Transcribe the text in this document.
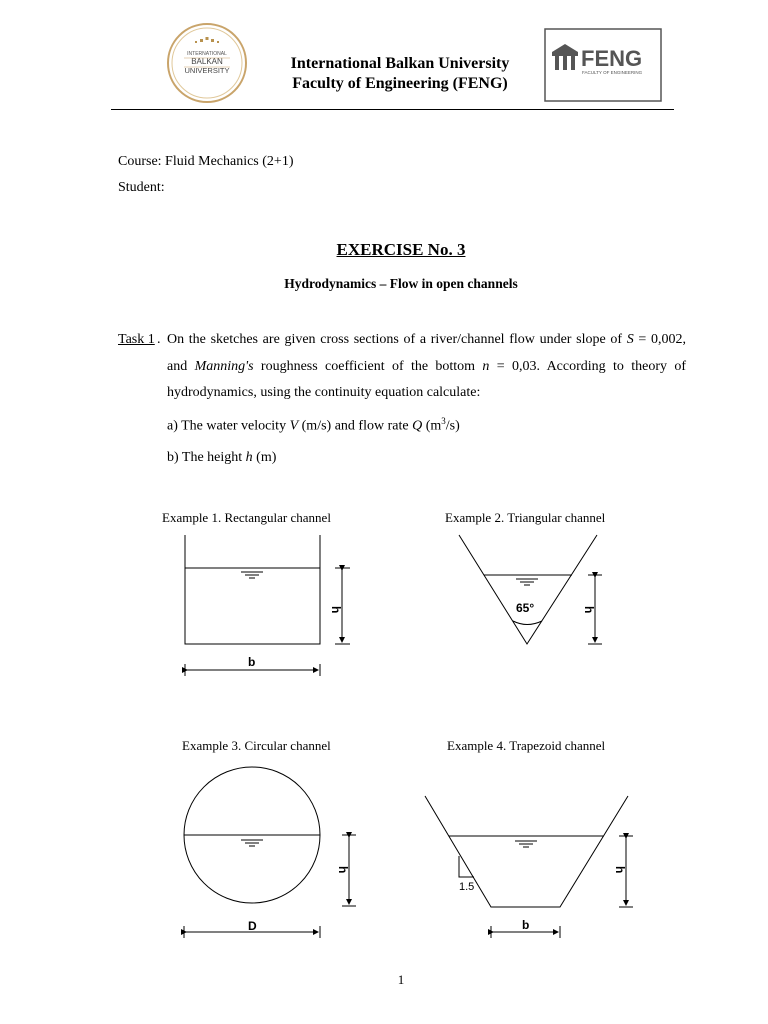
INTERNATIONAL
BALKAN
UNIVERSITY	International Balkan University
Faculty of Engineering (FENG)
FENG
FACULTY OF ENGINEERING
Course: Fluid Mechanics (2+1)
Student:
EXERCISE No. 3
Hydrodynamics – Flow in open channels
Task 1 . On the sketches are given cross sections of a river/channel flow under slope of S = 0,002,
and Manning's roughness coefficient of the bottom n = 0,03. According to theory of
hydrodynamics, using the continuity equation calculate:
a) The water velocity V (m/s) and flow rate Q $(m^3/s)$
b) The height h (m)
Example 1. Rectangular channel	Example 2. Triangular channel
Example 3. Circular channel	Example 4. Trapezoid channel
h
b
65°	h
h
D
1.5
h
b
1
